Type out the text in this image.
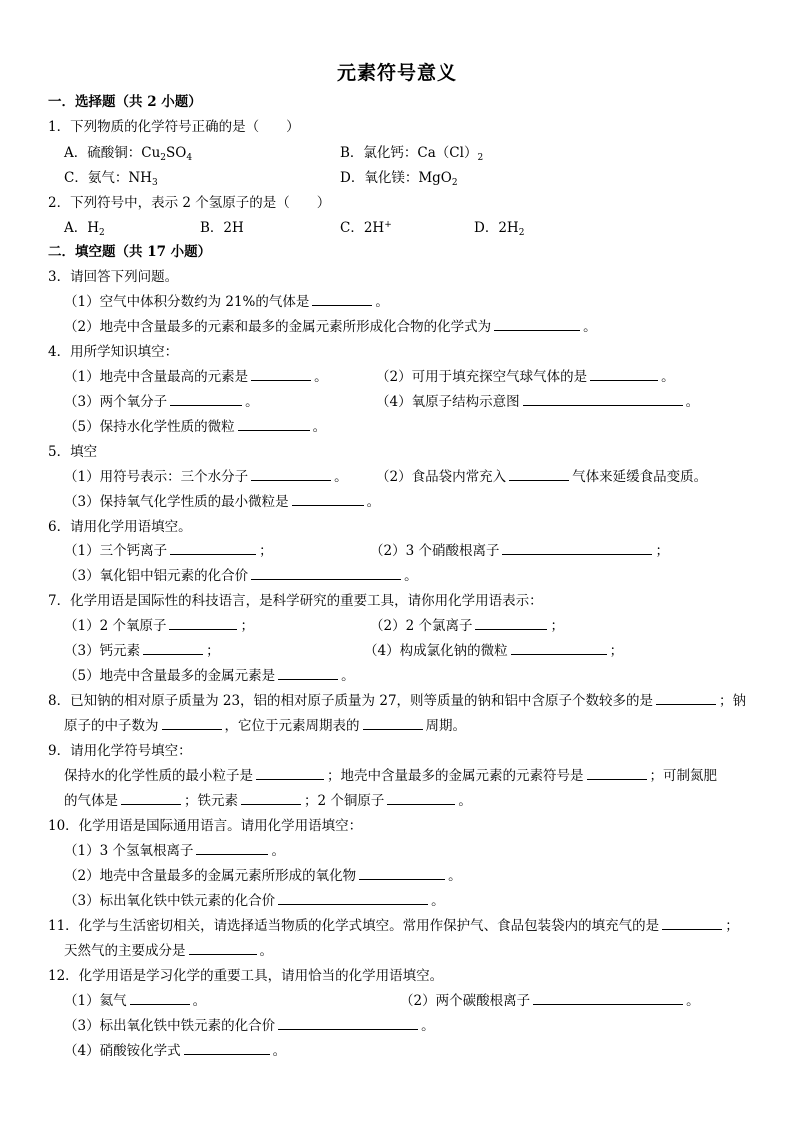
元素符号意义
一．选择题（共 2 小题）
1．下列物质的化学符号正确的是（　　）
A．硫酸铜：$Cu_2SO_4$	B．氯化钙：$Ca(Cl)_2$
C．氨气：$NH_3$	D．氧化镁：MgO$_2$
2．下列符号中，表示 2 个氢原子的是（　　）
A．$H_2$	B．2H	C．2H+	D．$2H_2$
二．填空题（共 17 小题）
3．请回答下列问题。
（1）空气中体积分数约为 21%的气体是	。
（2）地壳中含量最多的元素和最多的金属元素所形成化合物的化学式为	。
4．用所学知识填空：
（1）地壳中含量最高的元素是	。	（2）可用于填充探空气球气体的是	。
（3）两个氧分子	。	（4）氧原子结构示意图	。
（5）保持水化学性质的微粒	。
5．填空
（1）用符号表示：三个水分子	。 （2）食品袋内常充入	气体来延缓食品变质。
（3）保持氧气化学性质的最小微粒是	。
6．请用化学用语填空。
（1）三个钙离子	；	（2）3 个硝酸根离子	；
（3）氧化铝中铝元素的化合价	。
7．化学用语是国际性的科技语言，是科学研究的重要工具，请你用化学用语表示：
（1）2 个氧原子	；	（2）2 个氯离子	；
（3）钙元素	；	（4）构成氯化钠的微粒	；
（5）地壳中含量最多的金属元素是	。
8．已知钠的相对原子质量为 23，铝的相对原子质量为 27，则等质量的钠和铝中含原子个数较多的是	；钠
原子的中子数为	，它位于元素周期表的	周期。
9．请用化学符号填空：
保持水的化学性质的最小粒子是	；地壳中含量最多的金属元素的元素符号是	；可制氮肥
的气体是	；铁元素	；2 个铜原子	。
10．化学用语是国际通用语言。请用化学用语填空：
（1）3 个氢氧根离子	。
（2）地壳中含量最多的金属元素所形成的氧化物	。
（3）标出氧化铁中铁元素的化合价	。
11．化学与生活密切相关，请选择适当物质的化学式填空。常用作保护气、食品包装袋内的填充气的是	；
天然气的主要成分是	。
12．化学用语是学习化学的重要工具，请用恰当的化学用语填空。
（1）氦气	。	（2）两个碳酸根离子	。
（3）标出氧化铁中铁元素的化合价	。
（4）硝酸铵化学式	。
